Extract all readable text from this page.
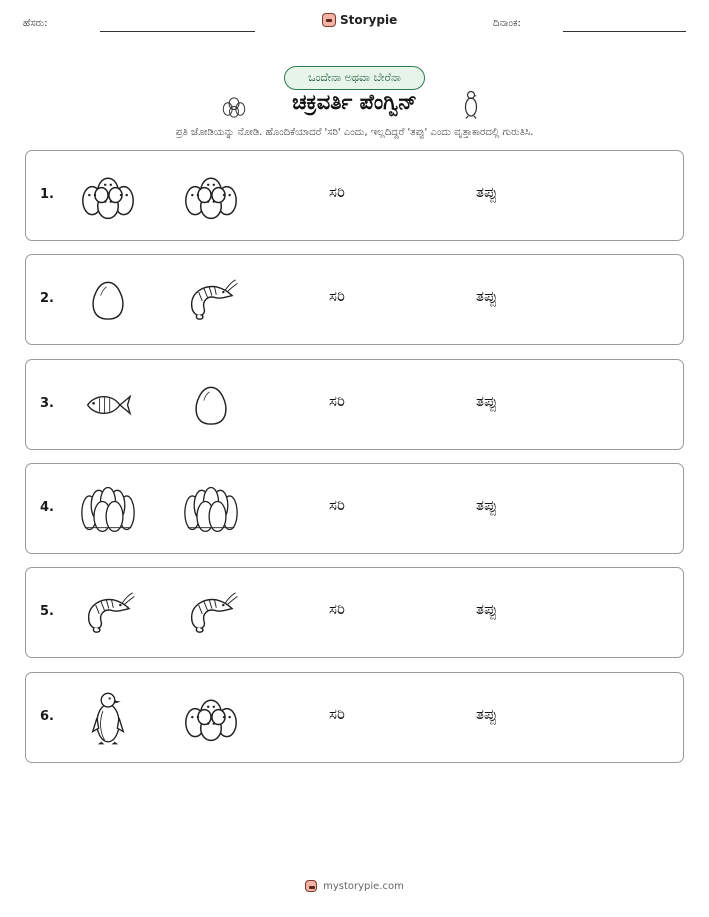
ಹೆಸರು:	Storypie	ದಿನಾಂಕ:
ಒಂದೇನಾ ಅಥವಾ ಬೇರೆನಾ
ಚಕ್ರವರ್ತಿ ಪೆಂಗ್ವಿನ್
ಪ್ರತಿ ಜೋಡಿಯನ್ನು ನೋಡಿ. ಹೊಂದಿಕೆಯಾದರೆ 'ಸರಿ' ಎಂದು, ಇಲ್ಲದಿದ್ದರೆ 'ತಪ್ಪು' ಎಂದು ವೃತ್ತಾಕಾರದಲ್ಲಿ ಗುರುತಿಸಿ.
1.	ಸರಿ	ತಪ್ಪು
2.	ಸರಿ	ತಪ್ಪು
3.	ಸರಿ	ತಪ್ಪು
4.	ಸರಿ	ತಪ್ಪು
5.	ಸರಿ	ತಪ್ಪು
6.	ಸರಿ	ತಪ್ಪು
mystorypie.com
